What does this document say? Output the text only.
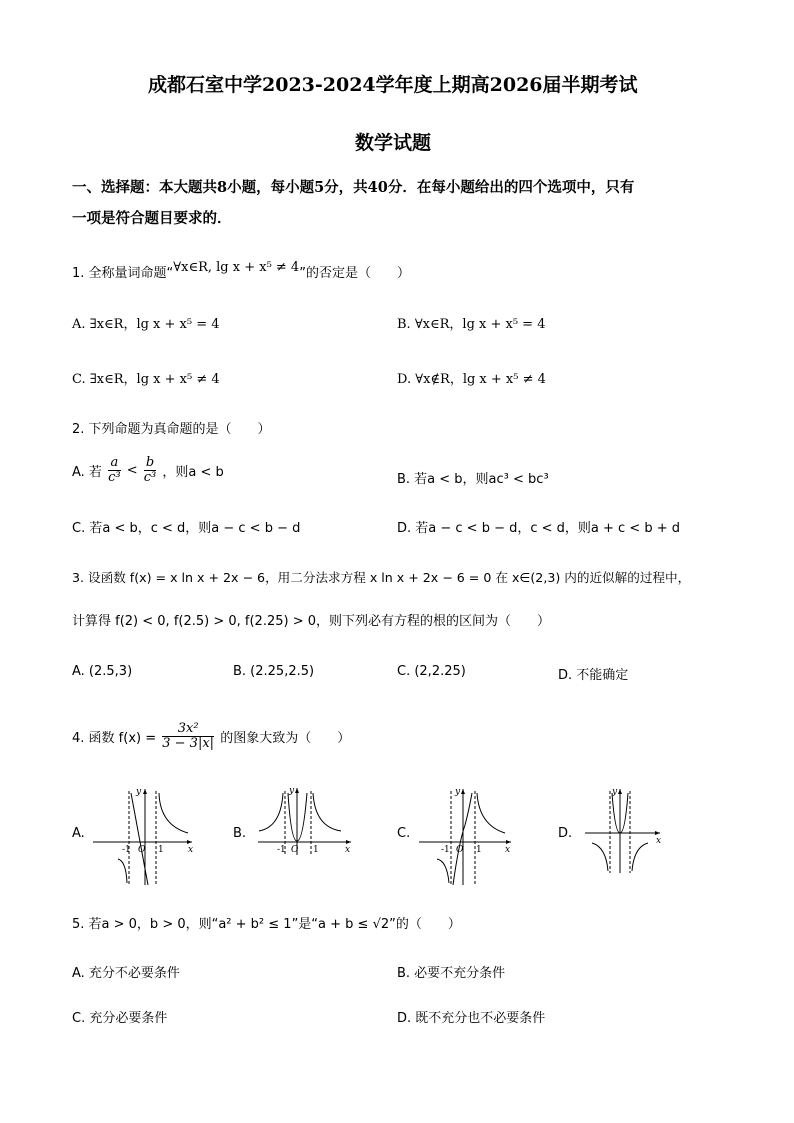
成都石室中学2023-2024学年度上期高2026届半期考试
数学试题
一、选择题：本大题共8小题，每小题5分，共40分．在每小题给出的四个选项中，只有
一项是符合题目要求的．
1. 全称量词命题“∀x∈R, lg x + x⁵ ≠ 4”的否定是（　　）
A. ∃x∈R，lg x + x⁵ = 4	B. ∀x∈R，lg x + x⁵ = 4
C. ∃x∈R，lg x + x⁵ ≠ 4	D. ∀x∉R，lg x + x⁵ ≠ 4
2. 下列命题为真命题的是（　　）
A. 若 $\frac{a}{\text{c³}} < \frac{b}{\text{c³}}$ ，则a < b	B. 若a < b，则ac³ < bc³
C. 若a < b，c < d，则a − c < b − d	D. 若a − c < b − d，c < d，则a + c < b + d
3. 设函数 f(x) = x ln x + 2x − 6，用二分法求方程 x ln x + 2x − 6 = 0 在 x∈(2,3) 内的近似解的过程中，
计算得 f(2) < 0, f(2.5) > 0, f(2.25) > 0，则下列必有方程的根的区间为（　　）
A. (2.5,3)	B. (2.25,2.5)	C. (2,2.25)	D. 不能确定
4. 函数 $f(x) = \frac{\text{3x²}}{3 - 3|x|}$ 的图象大致为（　　）
A.	B.	C.	D.
y
x
-1 O 1
y
x
-1 O 1
y
x
-1 O 1
y
x
5. 若a > 0，b > 0，则“a² + b² ≤ 1”是“a + b ≤ √2”的（　　）
A. 充分不必要条件	B. 必要不充分条件
C. 充分必要条件	D. 既不充分也不必要条件
